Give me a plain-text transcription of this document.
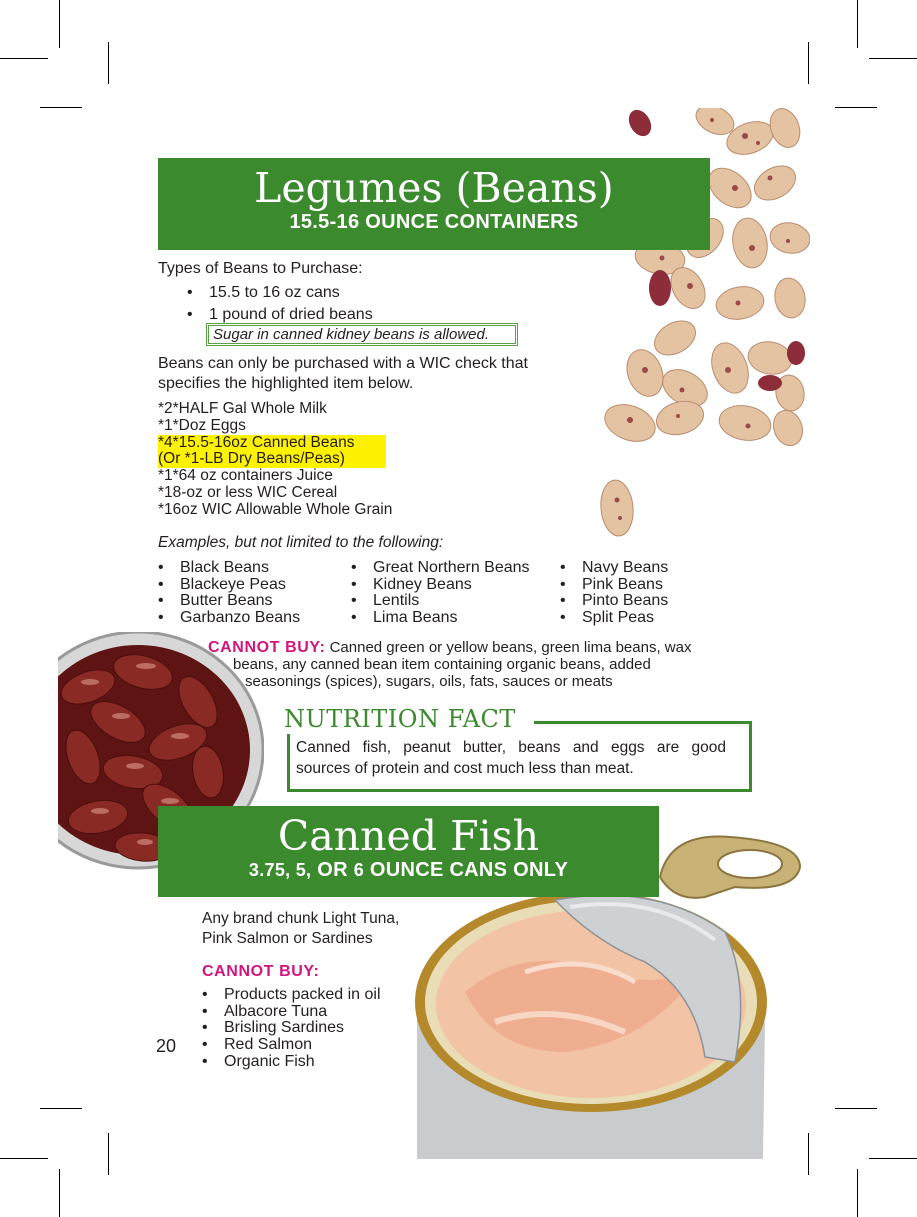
Legumes (Beans)
15.5-16 OUNCE CONTAINERS
Types of Beans to Purchase:
• 15.5 to 16 oz cans
• 1 pound of dried beans
Sugar in canned kidney beans is allowed.
Beans can only be purchased with a WIC check that
specifies the highlighted item below.
*2*HALF Gal Whole Milk
*1*Doz Eggs
*4*15.5-16oz Canned Beans
(Or *1-LB Dry Beans/Peas)
*1*64 oz containers Juice
*18-oz or less WIC Cereal
*16oz WIC Allowable Whole Grain
Examples, but not limited to the following:
• Black Beans
• Blackeye Peas
• Butter Beans
• Garbanzo Beans
• Great Northern Beans
• Kidney Beans
• Lentils
• Lima Beans
• Navy Beans
• Pink Beans
• Pinto Beans
• Split Peas
CANNOT BUY: Canned green or yellow beans, green lima beans, wax
beans, any canned bean item containing organic beans, added
seasonings (spices), sugars, oils, fats, sauces or meats
NUTRITION FACT
Canned fish, peanut butter, beans and eggs are good
sources of protein and cost much less than meat.
Canned Fish
3.75, 5, OR 6 OUNCE CANS ONLY
Any brand chunk Light Tuna,
Pink Salmon or Sardines
CANNOT BUY:
• Products packed in oil
• Albacore Tuna
• Brisling Sardines
• Red Salmon
• Organic Fish
20
